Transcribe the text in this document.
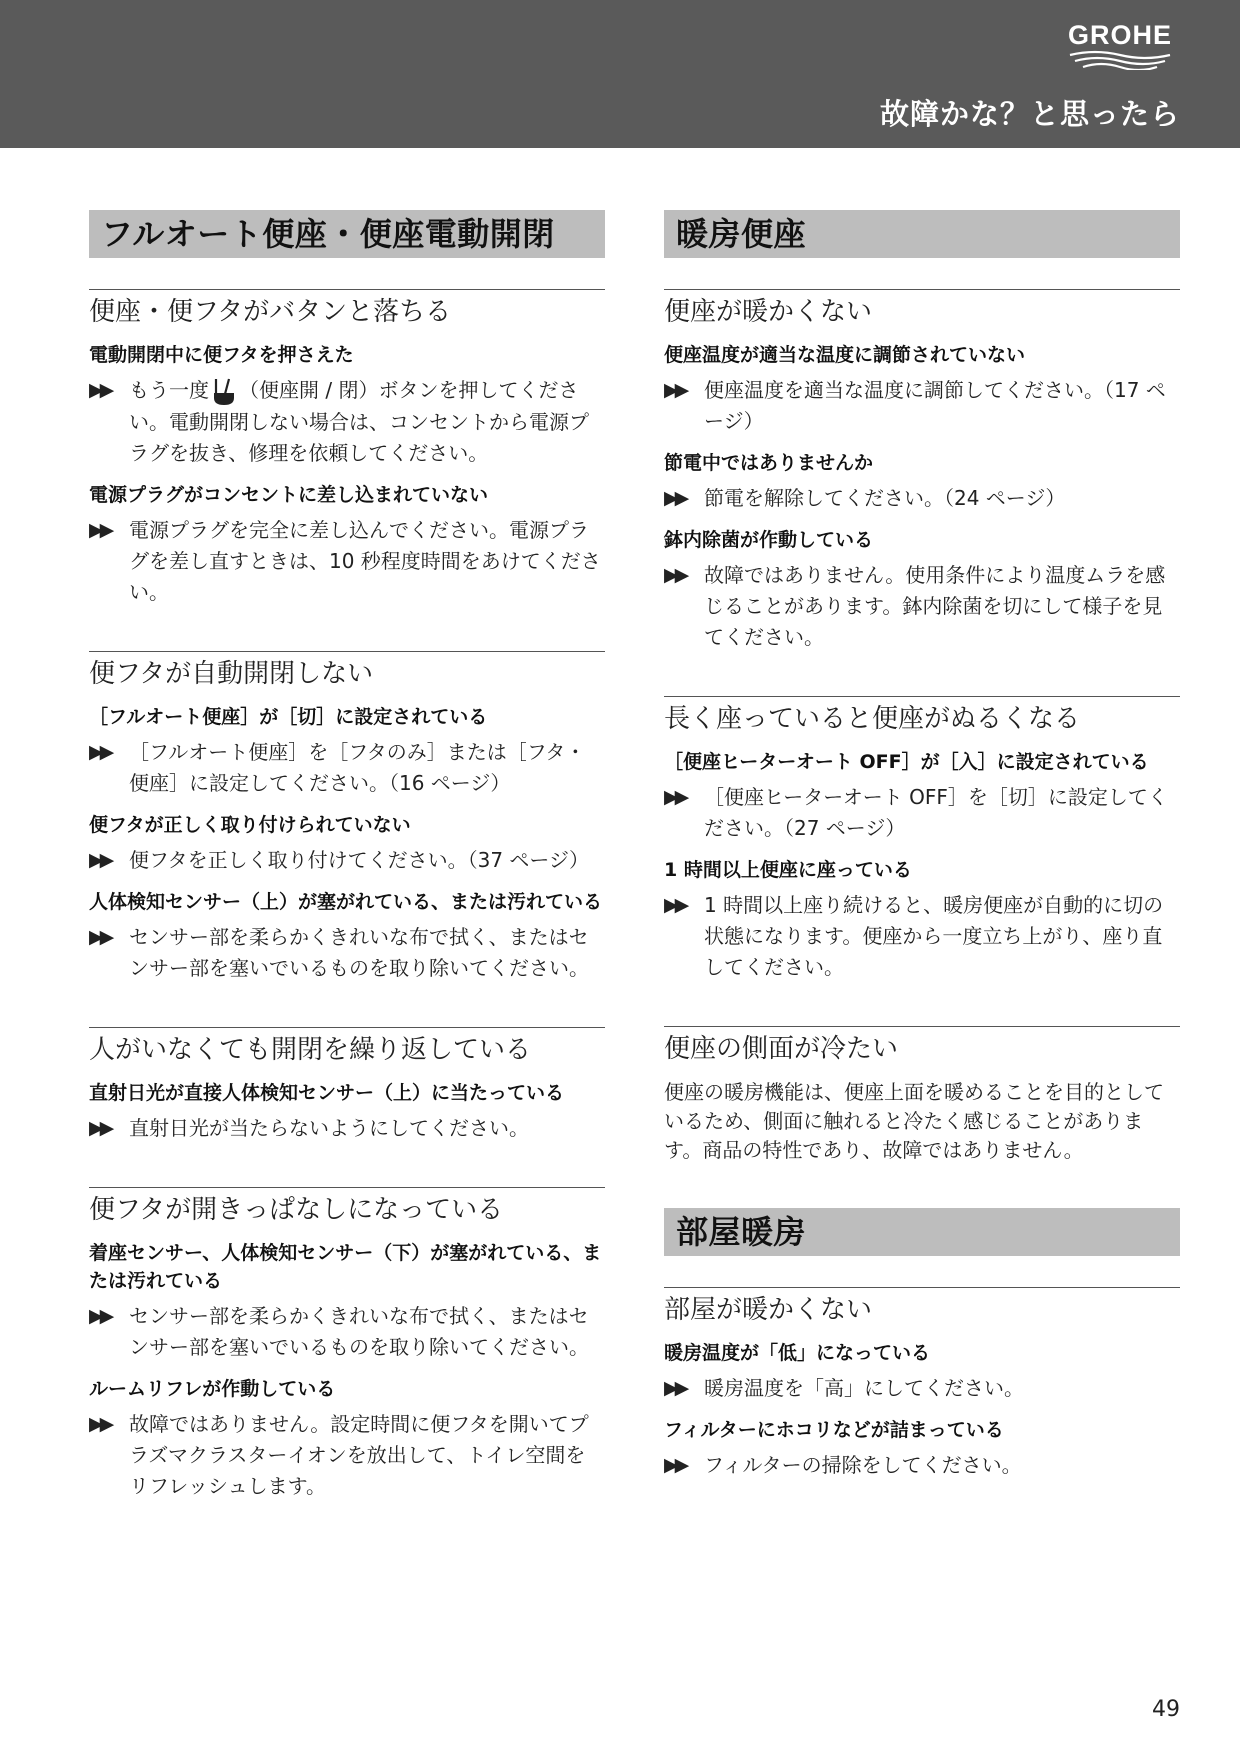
GROHE
故障かな？と思ったら
フルオート便座・便座電動開閉
便座・便フタがバタンと落ちる
電動開閉中に便フタを押さえた
▶▶ もう一度 （便座開 / 閉）ボタンを押してください。電動開閉しない場合は、コンセントから電源プラグを抜き、修理を依頼してください。
電源プラグがコンセントに差し込まれていない
▶▶ 電源プラグを完全に差し込んでください。電源プラグを差し直すときは、10 秒程度時間をあけてください。
便フタが自動開閉しない
［フルオート便座］が［切］に設定されている
▶▶ ［フルオート便座］を［フタのみ］または［フタ・便座］に設定してください。（16 ページ）
便フタが正しく取り付けられていない
▶▶ 便フタを正しく取り付けてください。（37 ページ）
人体検知センサー（上）が塞がれている、または汚れている
▶▶ センサー部を柔らかくきれいな布で拭く、またはセンサー部を塞いでいるものを取り除いてください。
人がいなくても開閉を繰り返している
直射日光が直接人体検知センサー（上）に当たっている
▶▶ 直射日光が当たらないようにしてください。
便フタが開きっぱなしになっている
着座センサー、人体検知センサー（下）が塞がれている、または汚れている
▶▶ センサー部を柔らかくきれいな布で拭く、またはセンサー部を塞いでいるものを取り除いてください。
ルームリフレが作動している
▶▶ 故障ではありません。設定時間に便フタを開いてプラズマクラスターイオンを放出して、トイレ空間をリフレッシュします。
暖房便座
便座が暖かくない
便座温度が適当な温度に調節されていない
▶▶ 便座温度を適当な温度に調節してください。（17 ページ）
節電中ではありませんか
▶▶ 節電を解除してください。（24 ページ）
鉢内除菌が作動している
▶▶ 故障ではありません。使用条件により温度ムラを感じることがあります。鉢内除菌を切にして様子を見てください。
長く座っていると便座がぬるくなる
［便座ヒーターオート OFF］が［入］に設定されている
▶▶ ［便座ヒーターオート OFF］を［切］に設定してください。（27 ページ）
1 時間以上便座に座っている
▶▶ 1 時間以上座り続けると、暖房便座が自動的に切の状態になります。便座から一度立ち上がり、座り直してください。
便座の側面が冷たい
便座の暖房機能は、便座上面を暖めることを目的としているため、側面に触れると冷たく感じることがあります。商品の特性であり、故障ではありません。
部屋暖房
部屋が暖かくない
暖房温度が「低」になっている
▶▶ 暖房温度を「高」にしてください。
フィルターにホコリなどが詰まっている
▶▶ フィルターの掃除をしてください。
49
